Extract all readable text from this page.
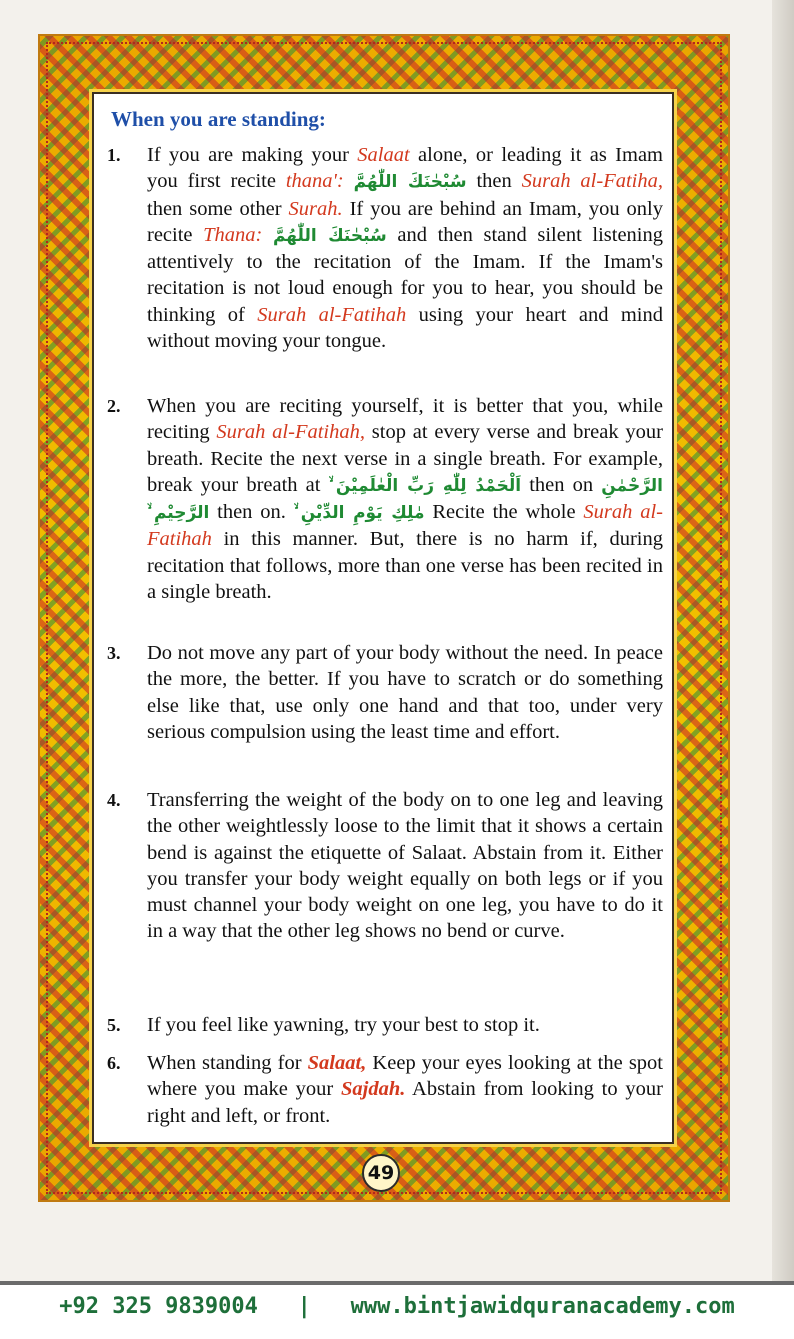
When you are standing:
1. If you are making your Salaat alone, or leading it as Imam you first recite thana': سُبْحٰنَكَ اللّٰهُمَّ then Surah al-Fatiha, then some other Surah. If you are behind an Imam, you only recite Thana: سُبْحٰنَكَ اللّٰهُمَّ and then stand silent listening attentively to the recitation of the Imam. If the Imam's recitation is not loud enough for you to hear, you should be thinking of Surah al-Fatihah using your heart and mind without moving your tongue.
2. When you are reciting yourself, it is better that you, while reciting Surah al-Fatihah, stop at every verse and break your breath. Recite the next verse in a single breath. For example, break your breath at اَلْحَمْدُ لِلّٰهِ رَبِّ الْعٰلَمِيْنَ ۙ then on الرَّحْمٰنِ الرَّحِيْمِ ۙ then on. مٰلِكِ يَوْمِ الدِّيْنِ ۙ Recite the whole Surah al-Fatihah in this manner. But, there is no harm if, during recitation that follows, more than one verse has been recited in a single breath.
3. Do not move any part of your body without the need. In peace the more, the better. If you have to scratch or do something else like that, use only one hand and that too, under very serious compulsion using the least time and effort.
4. Transferring the weight of the body on to one leg and leaving the other weightlessly loose to the limit that it shows a certain bend is against the etiquette of Salaat. Abstain from it. Either you transfer your body weight equally on both legs or if you must channel your body weight on one leg, you have to do it in a way that the other leg shows no bend or curve.
5. If you feel like yawning, try your best to stop it.
6. When standing for Salaat, Keep your eyes looking at the spot where you make your Sajdah. Abstain from looking to your right and left, or front.
49
+92 325 9839004 | www.bintjawidquranacademy.com
